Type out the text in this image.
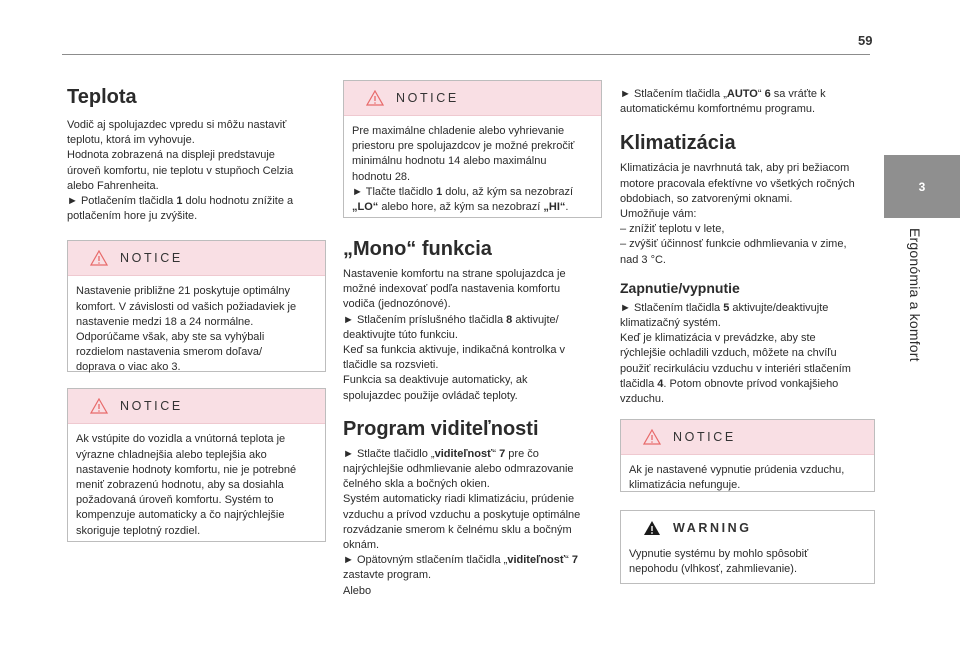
59
3
Ergonómia a komfort
Teplota

Vodič aj spolujazdec vpredu si môžu nastaviť

teplotu, ktorá im vyhovuje.

Hodnota zobrazená na displeji predstavuje

úroveň komfortu, nie teplotu v stupňoch Celzia

alebo Fahrenheita.

► Potlačením tlačidla 1 dolu hodnotu znížite a

potlačením hore ju zvýšite.

NOTICE

Nastavenie približne 21 poskytuje optimálny

komfort. V závislosti od vašich požiadaviek je

nastavenie medzi 18 a 24 normálne.

Odporúčame však, aby ste sa vyhýbali

rozdielom nastavenia smerom doľava/

doprava o viac ako 3.

NOTICE

Ak vstúpite do vozidla a vnútorná teplota je

výrazne chladnejšia alebo teplejšia ako

nastavenie hodnoty komfortu, nie je potrebné

meniť zobrazenú hodnotu, aby sa dosiahla

požadovaná úroveň komfortu. Systém to

kompenzuje automaticky a čo najrýchlejšie

skoriguje teplotný rozdiel.

NOTICE

Pre maximálne chladenie alebo vyhrievanie

priestoru pre spolujazdcov je možné prekročiť

minimálnu hodnotu 14 alebo maximálnu

hodnotu 28.

► Tlačte tlačidlo 1 dolu, až kým sa nezobrazí

„LO“ alebo hore, až kým sa nezobrazí „HI“.

„Mono“ funkcia

Nastavenie komfortu na strane spolujazdca je

možné indexovať podľa nastavenia komfortu

vodiča (jednozónové).

► Stlačením príslušného tlačidla 8 aktivujte/

deaktivujte túto funkciu.

Keď sa funkcia aktivuje, indikačná kontrolka v

tlačidle sa rozsvieti.

Funkcia sa deaktivuje automaticky, ak

spolujazdec použije ovládač teploty.

Program viditeľnosti

► Stlačte tlačidlo „viditeľnosť“ 7 pre čo

najrýchlejšie odhmlievanie alebo odmrazovanie

čelného skla a bočných okien.

Systém automaticky riadi klimatizáciu, prúdenie

vzduchu a prívod vzduchu a poskytuje optimálne

rozvádzanie smerom k čelnému sklu a bočným

oknám.

► Opätovným stlačením tlačidla „viditeľnosť“ 7

zastavte program.

Alebo

► Stlačením tlačidla „AUTO“ 6 sa vráťte k

automatickému komfortnému programu.

Klimatizácia

Klimatizácia je navrhnutá tak, aby pri bežiacom

motore pracovala efektívne vo všetkých ročných

obdobiach, so zatvorenými oknami.

Umožňuje vám:

– znížiť teplotu v lete,

– zvýšiť účinnosť funkcie odhmlievania v zime,

nad 3 °C.

Zapnutie/vypnutie

► Stlačením tlačidla 5 aktivujte/deaktivujte

klimatizačný systém.

Keď je klimatizácia v prevádzke, aby ste

rýchlejšie ochladili vzduch, môžete na chvíľu

použiť recirkuláciu vzduchu v interiéri stlačením

tlačidla 4. Potom obnovte prívod vonkajšieho

vzduchu.

NOTICE

Ak je nastavené vypnutie prúdenia vzduchu,

klimatizácia nefunguje.

WARNING

Vypnutie systému by mohlo spôsobiť

nepohodu (vlhkosť, zahmlievanie).
